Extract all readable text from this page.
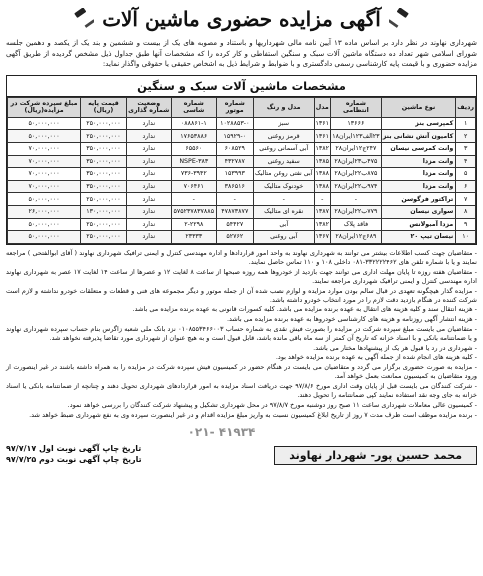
آگهی مزایده حضوری ماشین آلات
شهرداری نهاوند در نظر دارد بر اساس ماده ۱۳ آیین نامه مالی شهرداریها و باستناد و مصوبه های یک از بیست و ششمین و بند یک از یکصد و دهمین جلسه شورای اسلامی شهر تعداد ده دستگاه ماشین آلات سبک و سنگین استفاطی و کار کرده را که مشخصات آنها طبق جداول ذیل مشخص گردیده از طریق آگهی مزایده حضوری و با قیمت پایه کارشناسی رسمی دادگستری و با ضوابط و شرایط ذیل به اشخاص حقیقی یا حقوقی واگذار نماید:
مشخصات ماشین آلات سبک و سنگین
ردیف	نوع ماشین	شماره انتظامی	مدل	مدل و رنگ	شماره موتور	شماره شاسی	وضعیت شماره گذاری	قیمت پایه (ریال)	مبلغ سپرده شرکت در مزایده(ریال)
۱	کمپرسی بنز	۱۳۶۶۶	۱۳۶۱	سبز	۱۰۲۸۸۵۳-۰	۰۸۸۸۶۱-۱	ندارد	۲۵۰,۰۰۰,۰۰۰	۵۰,۰۰۰,۰۰۰
۲	کامیون آتش نشانی بنز	۲۳الف۱۲۳ایران۱۸	۱۳۶۱	قرمز روغنی	۱۵۹۲۹-۰	۱۷۶۵۳۸۸۶	ندارد	۲۵۰,۰۰۰,۰۰۰	۵۰,۰۰۰,۰۰۰
۳	وانت کمرسی نیسان	۲۴۷ج۱۲ایران۲۸	۱۳۸۲	آبی آسمانی روغنی	۶۰۸۵۲۹	۶۵۵۶۰	ندارد	۳۵۰,۰۰۰,۰۰۰	۷۰,۰۰۰,۰۰۰
۴	وانت مزدا	۴۷۵ب۲۳ایران۲۸	۱۳۸۵	سفید روغنی	۴۳۲۷۸۷	NSPE-۳۸۳	ندارد	۳۵۰,۰۰۰,۰۰۰	۷۰,۰۰۰,۰۰۰
۵	وانت مزدا	۸۷۵ب۲۲ایران۲۸	۱۳۸۸	آبی نفتی روغن متالیک	۱۵۳۹۹۳	۷۳۶-۳۹۴۲	ندارد	۳۵۰,۰۰۰,۰۰۰	۷۰,۰۰۰,۰۰۰
۶	وانت مزدا	۹۷۴ب۲۲ایران۲۸	۱۳۸۸	خودنوک متالیک	۳۸۶۵۱۶	۷۰۶۴۶۱	ندارد	۳۵۰,۰۰۰,۰۰۰	۷۰,۰۰۰,۰۰۰
۷	تراکتور فرگوسن	-	-	-	-	-	ندارد	۲۵۰,۰۰۰,۰۰۰	۵۰,۰۰۰,۰۰۰
۸	سواری نیسان	۷۷۹ب۲۲ایران۲۸	۱۳۸۷	نقره ای متالیک	۴۷۸۷۳۸۷۷	۵۷۵۲۳۷۸۳۷۸۸۵	ندارد	۱۳۰,۰۰۰,۰۰۰	۲۶,۰۰۰,۰۰۰
۹	مزدا آمبولانس	فاقد پلاک	۱۳۸۲	آبی	۵۴۴۲۷	۲-۲۲۹۸	ندارد	۲۵۰,۰۰۰,۰۰۰	۵۰,۰۰۰,۰۰۰
۱۰	نیسان تیپ ۲۰	۶۸۹ج۱۲ایران۲۸	۱۳۶۷	آبی روغنی	۵۲۷۶۲	۲۳۳۳۳	ندارد	۲۵۰,۰۰۰,۰۰۰	۵۰,۰۰۰,۰۰۰

- متقاضیان جهت کسب اطلاعات بیشتر می توانند به شهرداری نهاوند به واحد امور قراردادها و اداره مهندسی کنترل و ایمنی ترافیک شهرداری نهاوند ( آقای ابوالفتحی ) مراجعه نمایند و یا با شماره تلفن های ۳۳۲۲۲۲۴۶۲-۰۸۱ داخلی ۱۰۸ و ۱۱۰ تماس حاصل نمایند.

- متقاضیان هفته روزه تا پایان مهلت اداری می توانند جهت بازدید از خودروها همه روزه صبحها از ساعت ۸ لغایت ۱۲ و عصرها از ساعت ۱۴ لغایت ۱۷ عصر به شهرداری نهاوند اداره مهندسی کنترل و ایمنی ترافیک شهرداری مراجعه نمایند.

- مزایده گذار هیچگونه تعهدی در قبال سالم بودن موارد مزایده و لوازم نصب شده آن از جمله موتور و دیگر مجموعه های فنی و قطعات و متعلقات خودرو نداشته و لازم است شرکت کننده در هنگام بازدید دقت لازم را در مورد انتخاب خودرو داشته باشد.

- هزینه انتقال سند و کلیه هزینه های انتقال به عهده برنده مزایده می باشد. کلیه کسورات قانونی به عهده برنده مزایده می باشد.

- هزینه انتشار آگهی روزنامه و هزینه های کارشناسی خودروها به عهده برنده مزایده می باشد.

- متقاضیان می بایست مبلغ سپرده شرکت در مزایده را بصورت فیش نقدی به شماره حساب ۰۱۰۸۵۵۳۴۶۶۰۰۳ نزد بانک ملی شعبه زاگرس بنام حساب سپرده شهرداری نهاوند و یا ضمانتنامه بانکی و با اسناد خزانه که تاریخ آن کمتر از سه ماه باقی مانده باشد، قابل قبول است و به هیچ عنوان از شهرداری مورد تقاضا پذیرفته نخواهد شد.

- شهرداری در رد یا قبول هر یک از پیشنهادها مختار می باشد.

- کلیه هزینه های انجام شده از جمله آگهی به عهده برنده مزایده خواهد بود.

- مزایده به صورت حضوری برگزار می گردد و متقاضیان می بایست در هنگام حضور در کمیسیون فیش سپرده شرکت در مزایده را به همراه داشته باشند در غیر اینصورت از ورود متقاضیان به کمیسیون ممانعت بعمل خواهد آمد.

- شرکت کنندگان می بایست قبل از پایان وقت اداری مورخ ۹۷/۸/۶ جهت دریافت اسناد مزایده به امور قراردادهای شهرداری تحویل دهند و چنانچه از ضمانتنامه بانکی یا اسناد خزانه به جای وجه نقد استفاده نمایند کپی ضمانتنامه را تحویل دهند.

- کمیسیون عالی معاملات شهرداری ساعت ۱۱ صبح روز دوشنبه مورخ ۹۷/۸/۷ در محل شهرداری تشکیل و پیشنهاد شرکت کنندگان را بررسی خواهد نمود.

- برنده مزایده موظف است ظرف مدت ۷ روز از تاریخ ابلاغ کمیسیون نسبت به واریز مبلغ مزایده اقدام و در غیر اینصورت سپرده وی به نفع شهرداری ضبط خواهد شد.

۰۲۱- ۴۱۹۳۴
محمد حسین پور- شهردار نهاوند
تاریخ چاپ آگهی نوبت اول ۹۷/۷/۱۷
تاریخ چاپ آگهی نوبت دوم ۹۷/۷/۲۵
